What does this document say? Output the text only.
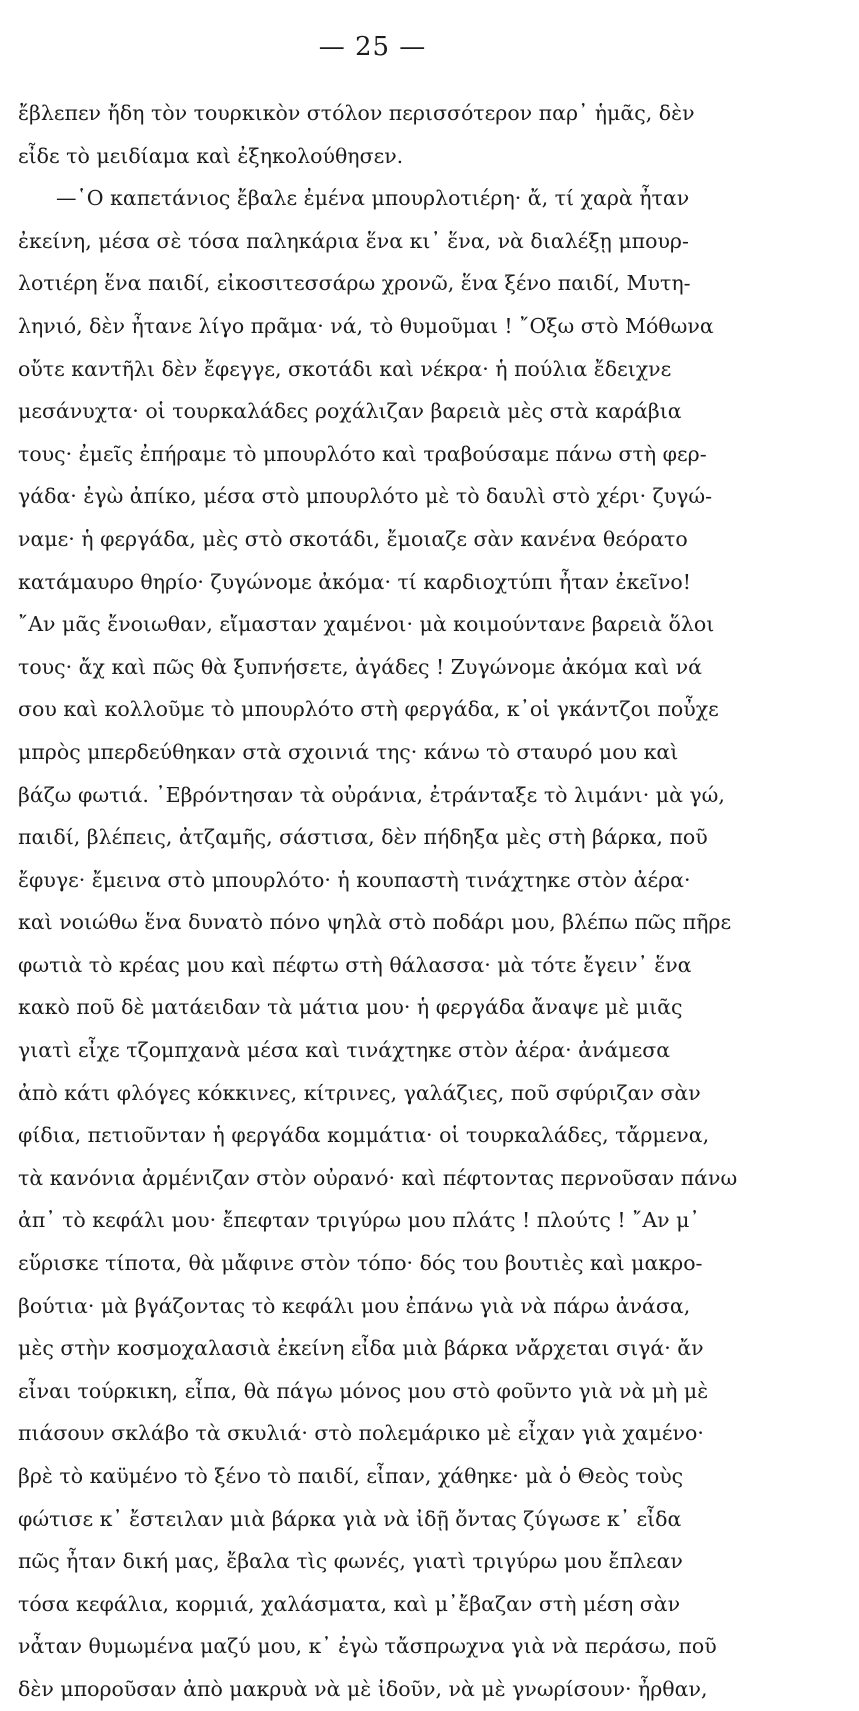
— 25 —
ἔβλεπεν ἤδη τὸν τουρκικὸν στόλον περισσότερον παρ᾽ ἡμᾶς, δὲν
εἶδε τὸ μειδίαμα καὶ ἐξηκολούθησεν.
—῾Ο καπετάνιος ἔβαλε ἐμένα μπουρλοτιέρη· ἄ, τί χαρὰ ἦταν
ἐκείνη, μέσα σὲ τόσα παληκάρια ἕνα κι᾽ ἕνα, νὰ διαλέξῃ μπουρ-
λοτιέρη ἕνα παιδί, εἰκοσιτεσσάρω χρονῶ, ἕνα ξένο παιδί, Μυτη-
ληνιό, δὲν ἦτανε λίγο πρᾶμα· νά, τὸ θυμοῦμαι ! ῎Οξω στὸ Μόθωνα
οὔτε καντῆλι δὲν ἔφεγγε, σκοτάδι καὶ νέκρα· ἡ πούλια ἔδειχνε
μεσάνυχτα· οἱ τουρκαλάδες ροχάλιζαν βαρειὰ μὲς στὰ καράβια
τους· ἐμεῖς ἐπήραμε τὸ μπουρλότο καὶ τραβούσαμε πάνω στὴ φερ-
γάδα· ἐγὼ ἀπίκο, μέσα στὸ μπουρλότο μὲ τὸ δαυλὶ στὸ χέρι· ζυγώ-
ναμε· ἡ φεργάδα, μὲς στὸ σκοτάδι, ἔμοιαζε σὰν κανένα θεόρατο
κατάμαυρο θηρίο· ζυγώνομε ἀκόμα· τί καρδιοχτύπι ἦταν ἐκεῖνο!
῎Αν μᾶς ἔνοιωθαν, εἴμασταν χαμένοι· μὰ κοιμούντανε βαρειὰ ὅλοι
τους· ἄχ καὶ πῶς θὰ ξυπνήσετε, ἀγάδες ! Ζυγώνομε ἀκόμα καὶ νά
σου καὶ κολλοῦμε τὸ μπουρλότο στὴ φεργάδα, κ᾽οἱ γκάντζοι ποὖχε
μπρὸς μπερδεύθηκαν στὰ σχοινιά της· κάνω τὸ σταυρό μου καὶ
βάζω φωτιά. ᾽Εβρόντησαν τὰ οὐράνια, ἐτράνταξε τὸ λιμάνι· μὰ γώ,
παιδί, βλέπεις, ἀτζαμῆς, σάστισα, δὲν πήδηξα μὲς στὴ βάρκα, ποῦ
ἔφυγε· ἔμεινα στὸ μπουρλότο· ἡ κουπαστὴ τινάχτηκε στὸν ἀέρα·
καὶ νοιώθω ἕνα δυνατὸ πόνο ψηλὰ στὸ ποδάρι μου, βλέπω πῶς πῆρε
φωτιὰ τὸ κρέας μου καὶ πέφτω στὴ θάλασσα· μὰ τότε ἔγειν᾽ ἕνα
κακὸ ποῦ δὲ ματάειδαν τὰ μάτια μου· ἡ φεργάδα ἄναψε μὲ μιᾶς
γιατὶ εἶχε τζομπχανὰ μέσα καὶ τινάχτηκε στὸν ἀέρα· ἀνάμεσα
ἀπὸ κάτι φλόγες κόκκινες, κίτρινες, γαλάζιες, ποῦ σφύριζαν σὰν
φίδια, πετιοῦνταν ἡ φεργάδα κομμάτια· οἱ τουρκαλάδες, τἄρμενα,
τὰ κανόνια ἀρμένιζαν στὸν οὐρανό· καὶ πέφτοντας περνοῦσαν πάνω
ἀπ᾽ τὸ κεφάλι μου· ἔπεφταν τριγύρω μου πλάτς ! πλούτς ! ῎Αν μ᾽
εὕρισκε τίποτα, θὰ μἄφινε στὸν τόπο· δός του βουτιὲς καὶ μακρο-
βούτια· μὰ βγάζοντας τὸ κεφάλι μου ἐπάνω γιὰ νὰ πάρω ἀνάσα,
μὲς στὴν κοσμοχαλασιὰ ἐκείνη εἶδα μιὰ βάρκα νἄρχεται σιγά· ἄν
εἶναι τούρκικη, εἶπα, θὰ πάγω μόνος μου στὸ φοῦντο γιὰ νὰ μὴ μὲ
πιάσουν σκλάβο τὰ σκυλιά· στὸ πολεμάρικο μὲ εἶχαν γιὰ χαμένο·
βρὲ τὸ καϋμένο τὸ ξένο τὸ παιδί, εἶπαν, χάθηκε· μὰ ὁ Θεὸς τοὺς
φώτισε κ᾽ ἔστειλαν μιὰ βάρκα γιὰ νὰ ἰδῇ ὄντας ζύγωσε κ᾽ εἶδα
πῶς ἦταν δική μας, ἔβαλα τὶς φωνές, γιατὶ τριγύρω μου ἔπλεαν
τόσα κεφάλια, κορμιά, χαλάσματα, καὶ μ᾽ἔβαζαν στὴ μέση σὰν
νἆταν θυμωμένα μαζύ μου, κ᾽ ἐγὼ τἄσπρωχνα γιὰ νὰ περάσω, ποῦ
δὲν μποροῦσαν ἀπὸ μακρυὰ νὰ μὲ ἰδοῦν, νὰ μὲ γνωρίσουν· ἦρθαν,
